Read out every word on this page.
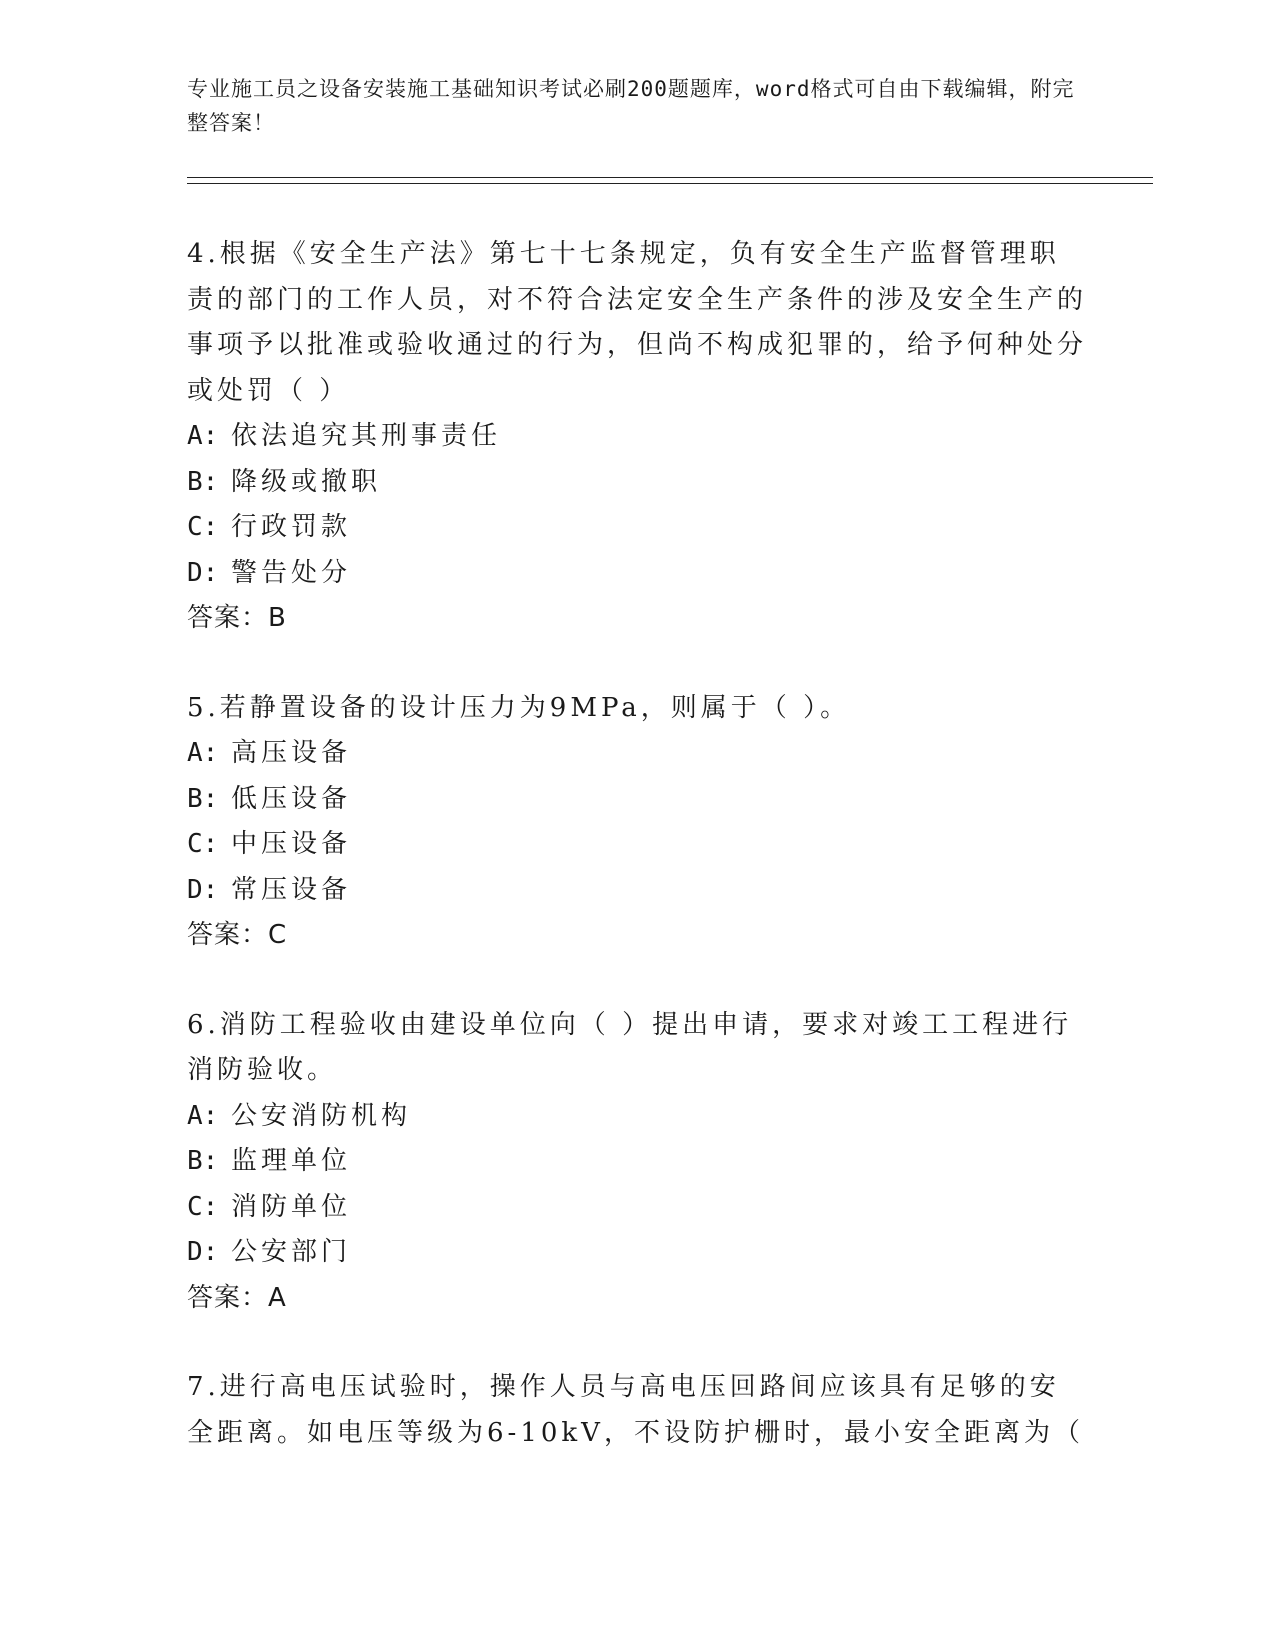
专业施工员之设备安装施工基础知识考试必刷200题题库，word格式可自由下载编辑，附完整答案！

4.根据《安全生产法》第七十七条规定，负有安全生产监督管理职责的部门的工作人员，对不符合法定安全生产条件的涉及安全生产的事项予以批准或验收通过的行为，但尚不构成犯罪的，给予何种处分或处罚（ ）

A: 依法追究其刑事责任

B: 降级或撤职

C: 行政罚款

D: 警告处分

答案：B

5.若静置设备的设计压力为9MPa，则属于（ ）。

A: 高压设备

B: 低压设备

C: 中压设备

D: 常压设备

答案：C

6.消防工程验收由建设单位向（ ）提出申请，要求对竣工工程进行消防验收。

A: 公安消防机构

B: 监理单位

C: 消防单位

D: 公安部门

答案：A

7.进行高电压试验时，操作人员与高电压回路间应该具有足够的安全距离。如电压等级为6-10kV，不设防护栅时，最小安全距离为（
